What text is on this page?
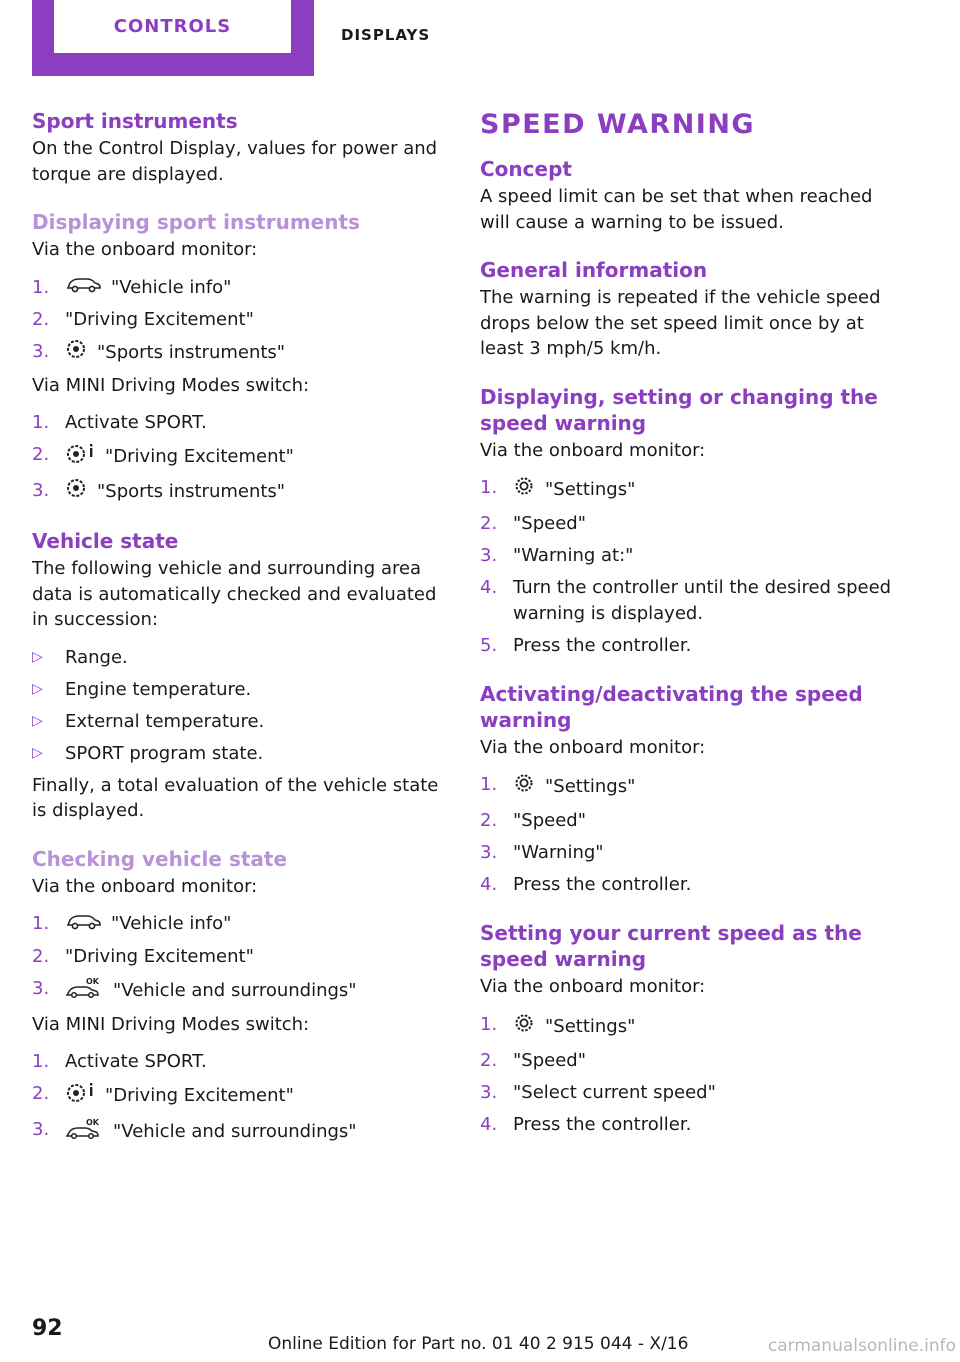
CONTROLS	DISPLAYS
Sport instruments
On the Control Display, values for power and torque are displayed.
Displaying sport instruments
Via the onboard monitor:
1.	"Vehicle info"
2. "Driving Excitement"
3.	"Sports instruments"
Via MINI Driving Modes switch:
1. Activate SPORT.
2.	"Driving Excitement"
3.	"Sports instruments"
Vehicle state
The following vehicle and surrounding area data is automatically checked and evaluated in succession:
▷ Range.
▷ Engine temperature.
▷ External temperature.
▷ SPORT program state.
Finally, a total evaluation of the vehicle state is displayed.
Checking vehicle state
Via the onboard monitor:
1.	"Vehicle info"
2. "Driving Excitement"
3.	OK "Vehicle and surroundings"
Via MINI Driving Modes switch:
1. Activate SPORT.
2.	"Driving Excitement"
3.	OK "Vehicle and surroundings"
SPEED WARNING
Concept
A speed limit can be set that when reached will cause a warning to be issued.
General information
The warning is repeated if the vehicle speed drops below the set speed limit once by at least 3 mph/5 km/h.
Displaying, setting or changing the speed warning
Via the onboard monitor:
1.	"Settings"
2. "Speed"
3. "Warning at:"
4. Turn the controller until the desired speed warning is displayed.
5. Press the controller.
Activating/deactivating the speed warning
Via the onboard monitor:
1.	"Settings"
2. "Speed"
3. "Warning"
4. Press the controller.
Setting your current speed as the speed warning
Via the onboard monitor:
1.	"Settings"
2. "Speed"
3. "Select current speed"
4. Press the controller.
92
Online Edition for Part no. 01 40 2 915 044 - X/16	carmanualsonline.info
